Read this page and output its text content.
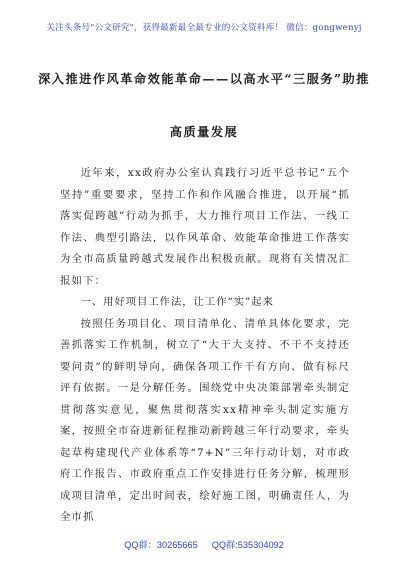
关注头条号"公文研究"，获得最新最全最专业的公文资料库！ 微信：gongwenyj
深入推进作风革命效能革命——以高水平“三服务”助推
高质量发展

近年来，xx政府办公室认真践行习近平总书记“五个坚持”重要要求，坚持工作和作风融合推进，以开展“抓落实促跨越”行动为抓手，大力推行项目工作法、一线工作法、典型引路法，以作风革命、效能革命推进工作落实为全市高质量跨越式发展作出积极贡献。现将有关情况汇报如下：

一、用好项目工作法，让工作“实”起来

按照任务项目化、项目清单化、清单具体化要求，完善抓落实工作机制，树立了“大干大支持、不干不支持还要问责”的鲜明导向，确保各项工作干有方向、做有标尺评有依据。一是分解任务。围绕党中央决策部署牵头制定贯彻落实意见，聚焦贯彻落实xx精神牵头制定实施方案，按照全市奋进新征程推动新跨越三年行动要求，牵头起草构建现代产业体系等“7+N”三年行动计划，对市政府工作报告、市政府重点工作安排进行任务分解，梳理形成项目清单，定出时间表，绘好施工图，明确责任人，为全市抓

QQ群：30265665 QQ群:535304092
